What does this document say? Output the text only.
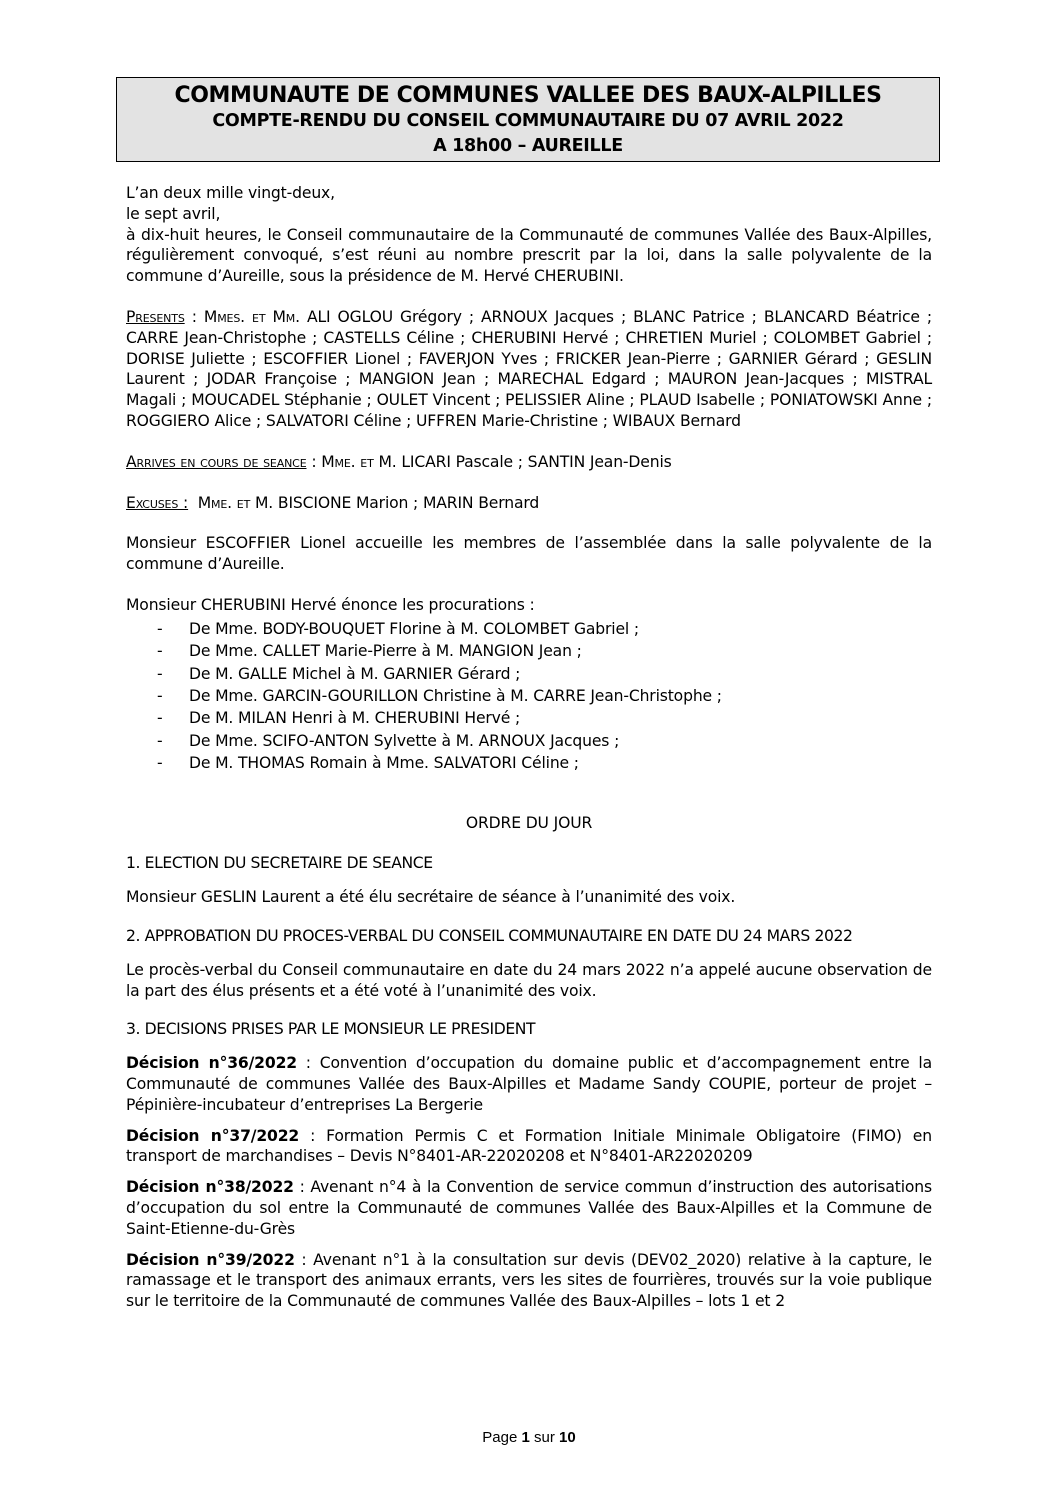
COMMUNAUTE DE COMMUNES VALLEE DES BAUX-ALPILLES
COMPTE-RENDU DU CONSEIL COMMUNAUTAIRE DU 07 AVRIL 2022
A 18h00 – AUREILLE

L’an deux mille vingt-deux,

le sept avril,

à dix-huit heures, le Conseil communautaire de la Communauté de communes Vallée des Baux-Alpilles, régulièrement convoqué, s’est réuni au nombre prescrit par la loi, dans la salle polyvalente de la commune d’Aureille, sous la présidence de M. Hervé CHERUBINI.

Presents : Mmes. et Mm. ALI OGLOU Grégory ; ARNOUX Jacques ; BLANC Patrice ; BLANCARD Béatrice ; CARRE Jean-Christophe ; CASTELLS Céline ; CHERUBINI Hervé ; CHRETIEN Muriel ; COLOMBET Gabriel ; DORISE Juliette ; ESCOFFIER Lionel ; FAVERJON Yves ; FRICKER Jean-Pierre ; GARNIER Gérard ; GESLIN Laurent ; JODAR Françoise ; MANGION Jean ; MARECHAL Edgard ; MAURON Jean-Jacques ; MISTRAL Magali ; MOUCADEL Stéphanie ; OULET Vincent ; PELISSIER Aline ; PLAUD Isabelle ; PONIATOWSKI Anne ; ROGGIERO Alice ; SALVATORI Céline ; UFFREN Marie-Christine ; WIBAUX Bernard

Arrives en cours de seance : Mme. et M. LICARI Pascale ; SANTIN Jean-Denis

Excuses : Mme. et M. BISCIONE Marion ; MARIN Bernard

Monsieur ESCOFFIER Lionel accueille les membres de l’assemblée dans la salle polyvalente de la commune d’Aureille.

Monsieur CHERUBINI Hervé énonce les procurations :

- De Mme. BODY-BOUQUET Florine à M. COLOMBET Gabriel ;
- De Mme. CALLET Marie-Pierre à M. MANGION Jean ;
- De M. GALLE Michel à M. GARNIER Gérard ;
- De Mme. GARCIN-GOURILLON Christine à M. CARRE Jean-Christophe ;
- De M. MILAN Henri à M. CHERUBINI Hervé ;
- De Mme. SCIFO-ANTON Sylvette à M. ARNOUX Jacques ;
- De M. THOMAS Romain à Mme. SALVATORI Céline ;

ORDRE DU JOUR

1. ELECTION DU SECRETAIRE DE SEANCE

Monsieur GESLIN Laurent a été élu secrétaire de séance à l’unanimité des voix.

2. APPROBATION DU PROCES-VERBAL DU CONSEIL COMMUNAUTAIRE EN DATE DU 24 MARS 2022

Le procès-verbal du Conseil communautaire en date du 24 mars 2022 n’a appelé aucune observation de la part des élus présents et a été voté à l’unanimité des voix.

3. DECISIONS PRISES PAR LE MONSIEUR LE PRESIDENT

Décision n°36/2022 : Convention d’occupation du domaine public et d’accompagnement entre la Communauté de communes Vallée des Baux-Alpilles et Madame Sandy COUPIE, porteur de projet – Pépinière-incubateur d’entreprises La Bergerie

Décision n°37/2022 : Formation Permis C et Formation Initiale Minimale Obligatoire (FIMO) en transport de marchandises – Devis N°8401-AR-22020208 et N°8401-AR22020209

Décision n°38/2022 : Avenant n°4 à la Convention de service commun d’instruction des autorisations d’occupation du sol entre la Communauté de communes Vallée des Baux-Alpilles et la Commune de Saint-Etienne-du-Grès

Décision n°39/2022 : Avenant n°1 à la consultation sur devis (DEV02_2020) relative à la capture, le ramassage et le transport des animaux errants, vers les sites de fourrières, trouvés sur la voie publique sur le territoire de la Communauté de communes Vallée des Baux-Alpilles – lots 1 et 2

Page 1 sur 10
